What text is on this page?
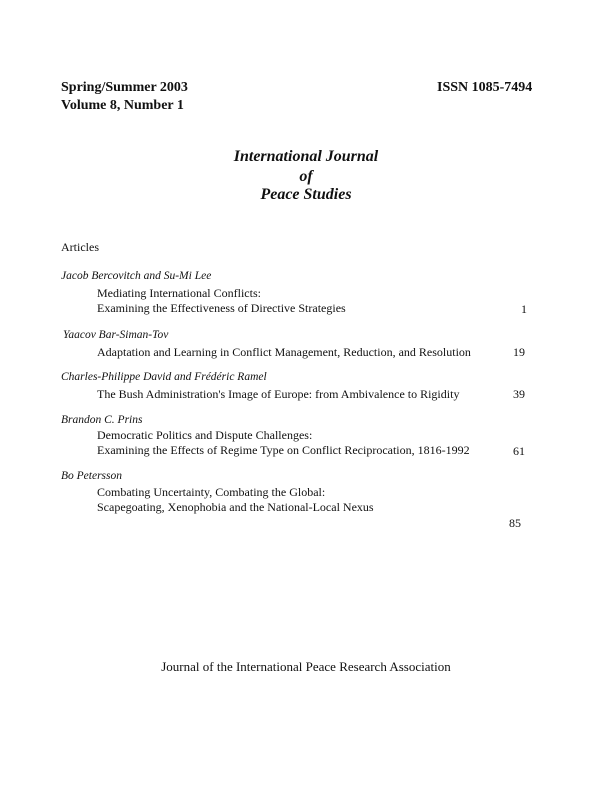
Spring/Summer 2003	ISSN 1085-7494
Volume 8, Number 1
International Journal
of
Peace Studies
Articles
Jacob Bercovitch and Su-Mi Lee
Mediating International Conflicts:
Examining the Effectiveness of Directive Strategies	1
Yaacov Bar-Siman-Tov
Adaptation and Learning in Conflict Management, Reduction, and Resolution	19
Charles-Philippe David and Frédéric Ramel
The Bush Administration's Image of Europe: from Ambivalence to Rigidity	39
Brandon C. Prins
Democratic Politics and Dispute Challenges:
Examining the Effects of Regime Type on Conflict Reciprocation, 1816-1992	61
Bo Petersson
Combating Uncertainty, Combating the Global:
Scapegoating, Xenophobia and the National-Local Nexus
85
Journal of the International Peace Research Association
